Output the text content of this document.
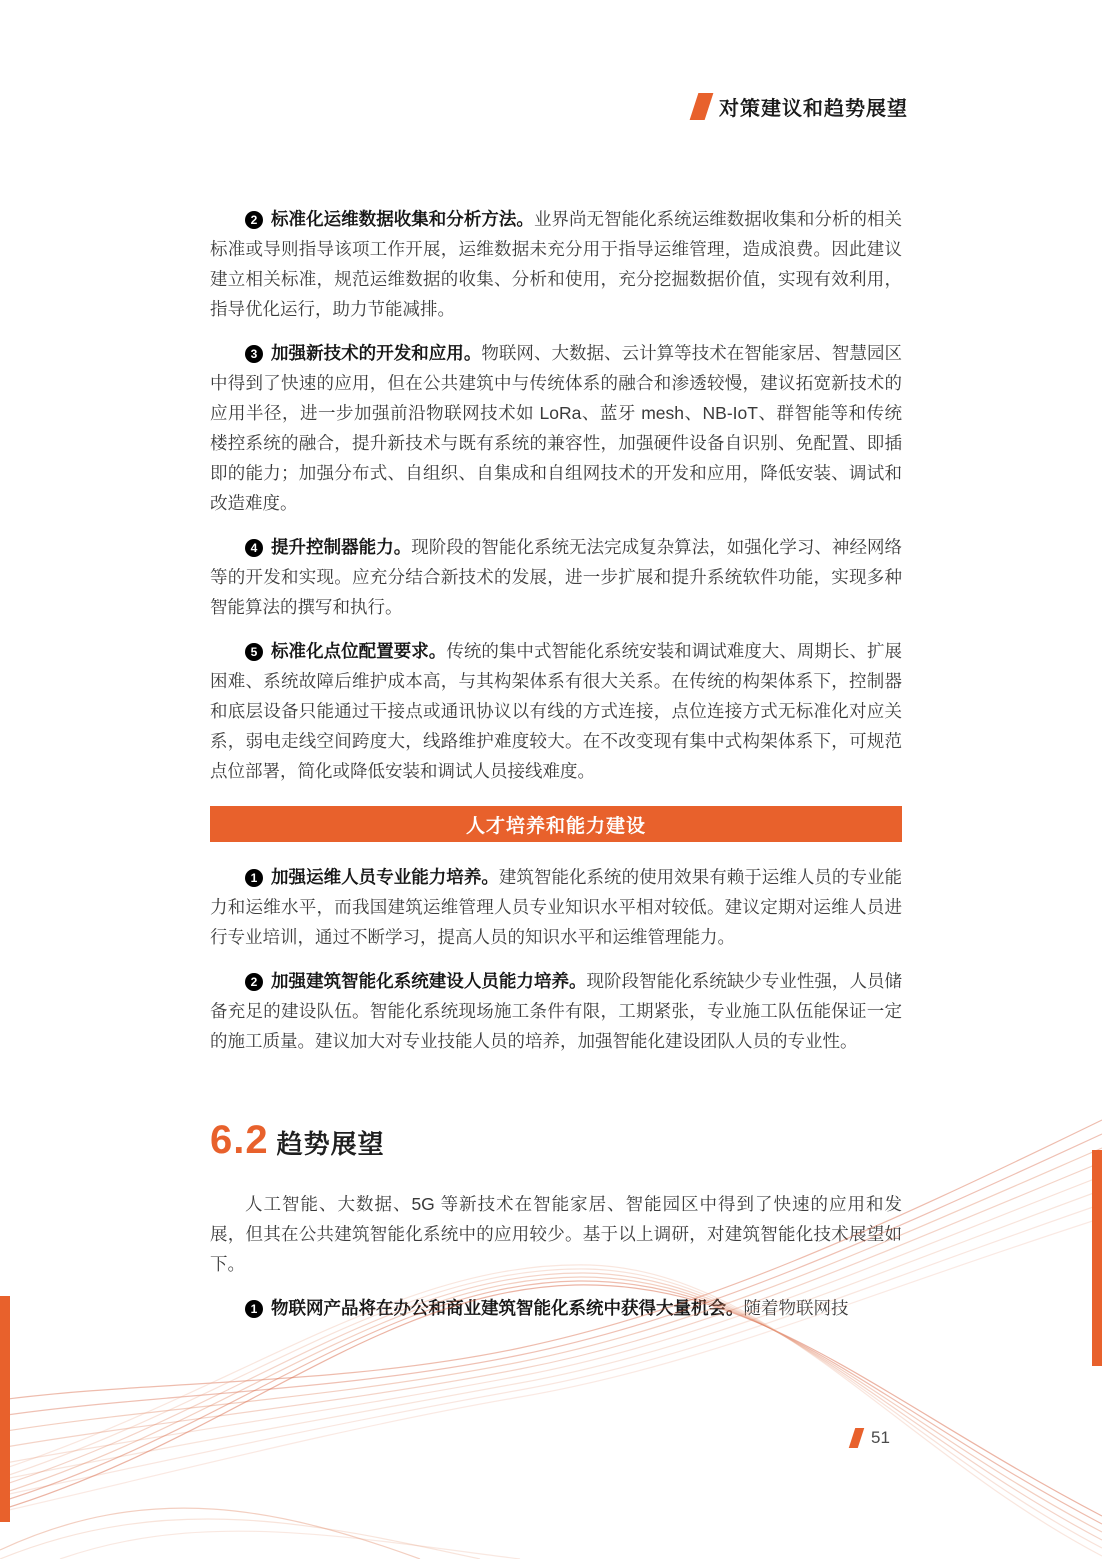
对策建议和趋势展望

2 标准化运维数据收集和分析方法。业界尚无智能化系统运维数据收集和分析的相关标准或导则指导该项工作开展，运维数据未充分用于指导运维管理，造成浪费。因此建议建立相关标准，规范运维数据的收集、分析和使用，充分挖掘数据价值，实现有效利用，指导优化运行，助力节能减排。

3 加强新技术的开发和应用。物联网、大数据、云计算等技术在智能家居、智慧园区中得到了快速的应用，但在公共建筑中与传统体系的融合和渗透较慢，建议拓宽新技术的应用半径，进一步加强前沿物联网技术如 LoRa、蓝牙 mesh、NB-IoT、群智能等和传统楼控系统的融合，提升新技术与既有系统的兼容性，加强硬件设备自识别、免配置、即插即的能力；加强分布式、自组织、自集成和自组网技术的开发和应用，降低安装、调试和改造难度。

4 提升控制器能力。现阶段的智能化系统无法完成复杂算法，如强化学习、神经网络等的开发和实现。应充分结合新技术的发展，进一步扩展和提升系统软件功能，实现多种智能算法的撰写和执行。

5 标准化点位配置要求。传统的集中式智能化系统安装和调试难度大、周期长、扩展困难、系统故障后维护成本高，与其构架体系有很大关系。在传统的构架体系下，控制器和底层设备只能通过干接点或通讯协议以有线的方式连接，点位连接方式无标准化对应关系，弱电走线空间跨度大，线路维护难度较大。在不改变现有集中式构架体系下，可规范点位部署，简化或降低安装和调试人员接线难度。

人才培养和能力建设

1 加强运维人员专业能力培养。建筑智能化系统的使用效果有赖于运维人员的专业能力和运维水平，而我国建筑运维管理人员专业知识水平相对较低。建议定期对运维人员进行专业培训，通过不断学习，提高人员的知识水平和运维管理能力。

2 加强建筑智能化系统建设人员能力培养。现阶段智能化系统缺少专业性强，人员储备充足的建设队伍。智能化系统现场施工条件有限，工期紧张，专业施工队伍能保证一定的施工质量。建议加大对专业技能人员的培养，加强智能化建设团队人员的专业性。

6.2 趋势展望

人工智能、大数据、5G 等新技术在智能家居、智能园区中得到了快速的应用和发展，但其在公共建筑智能化系统中的应用较少。基于以上调研，对建筑智能化技术展望如下。

1 物联网产品将在办公和商业建筑智能化系统中获得大量机会。随着物联网技

51
